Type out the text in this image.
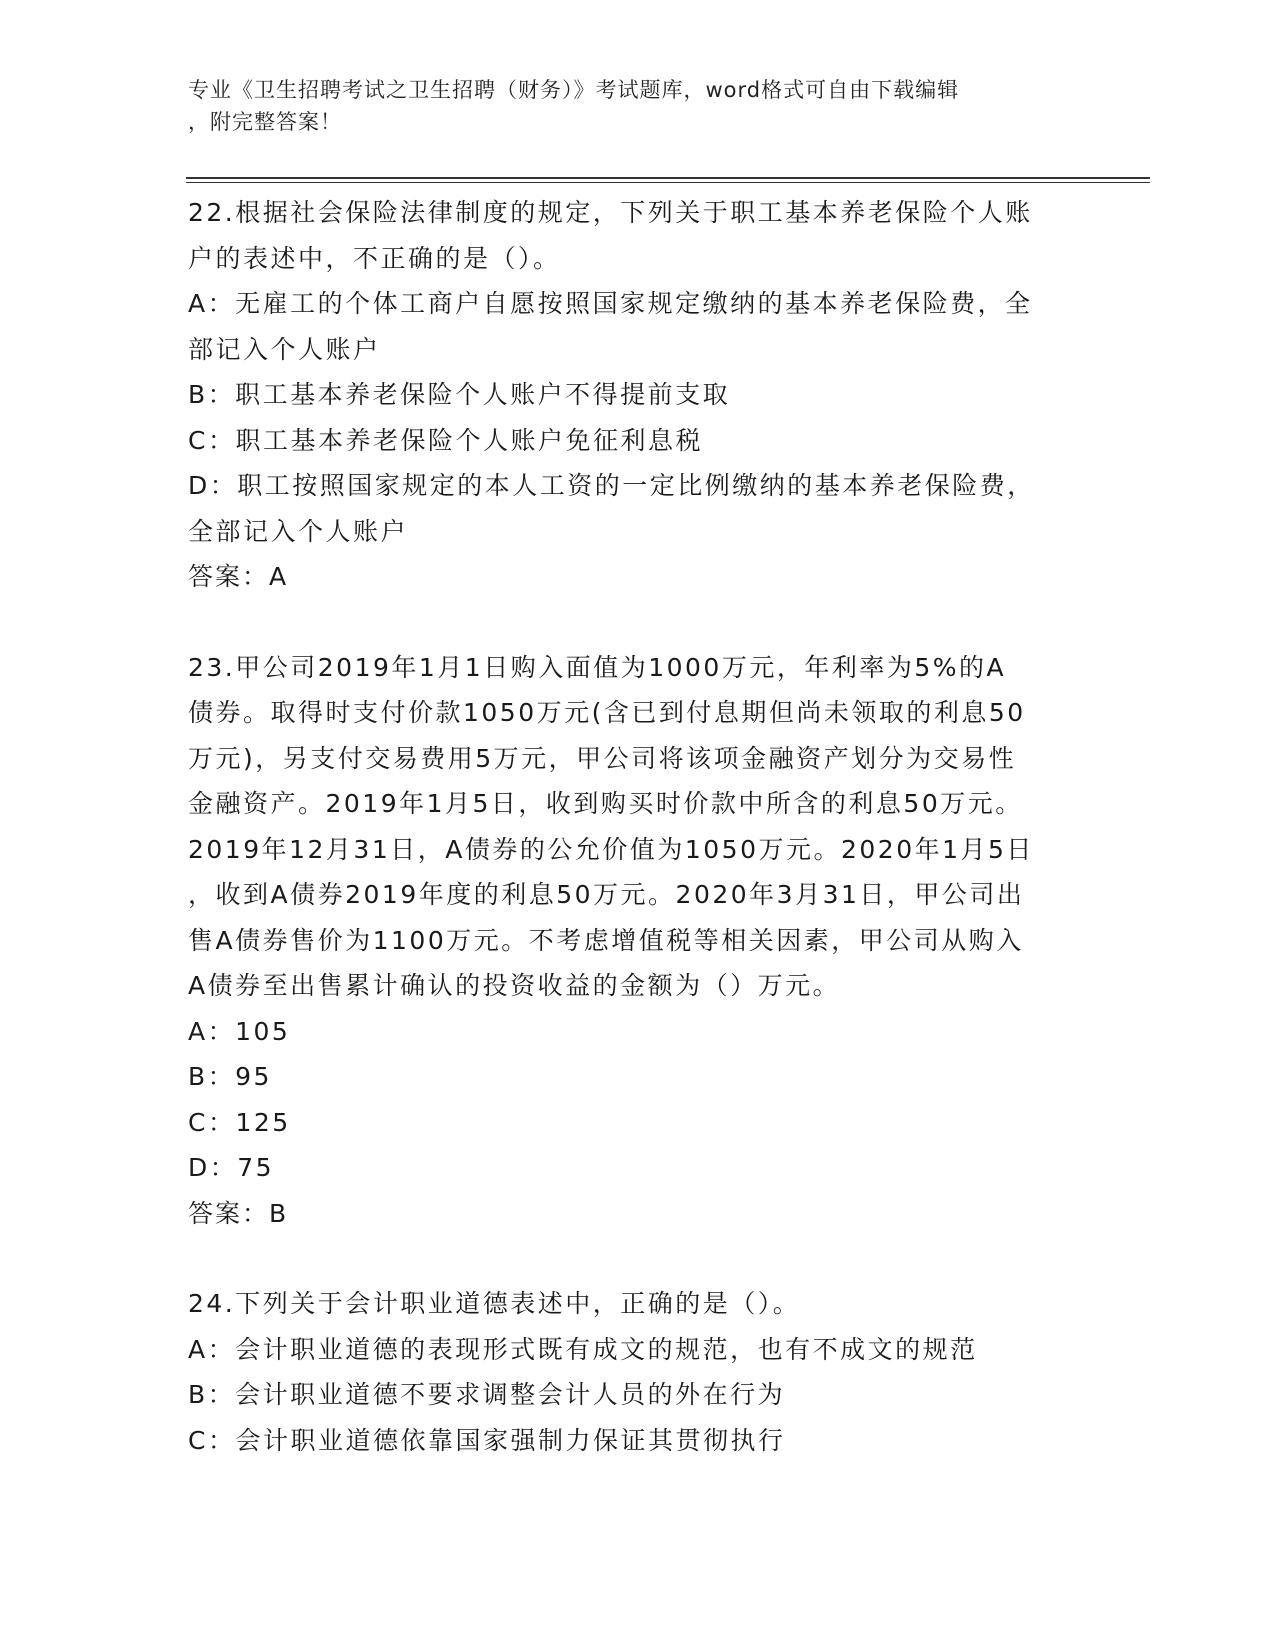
专业《卫生招聘考试之卫生招聘（财务）》考试题库，word格式可自由下载编辑
，附完整答案！

22.根据社会保险法律制度的规定，下列关于职工基本养老保险个人账

户的表述中，不正确的是（）。

A：无雇工的个体工商户自愿按照国家规定缴纳的基本养老保险费，全

部记入个人账户

B：职工基本养老保险个人账户不得提前支取

C：职工基本养老保险个人账户免征利息税

D：职工按照国家规定的本人工资的一定比例缴纳的基本养老保险费，

全部记入个人账户

答案：A

23.甲公司2019年1月1日购入面值为1000万元，年利率为5%的A

债券。取得时支付价款1050万元(含已到付息期但尚未领取的利息50

万元)，另支付交易费用5万元，甲公司将该项金融资产划分为交易性

金融资产。2019年1月5日，收到购买时价款中所含的利息50万元。

2019年12月31日，A债券的公允价值为1050万元。2020年1月5日

，收到A债券2019年度的利息50万元。2020年3月31日，甲公司出

售A债券售价为1100万元。不考虑增值税等相关因素，甲公司从购入

A债券至出售累计确认的投资收益的金额为（）万元。

A：105

B：95

C：125

D：75

答案：B

24.下列关于会计职业道德表述中，正确的是（）。

A：会计职业道德的表现形式既有成文的规范，也有不成文的规范

B：会计职业道德不要求调整会计人员的外在行为

C：会计职业道德依靠国家强制力保证其贯彻执行
